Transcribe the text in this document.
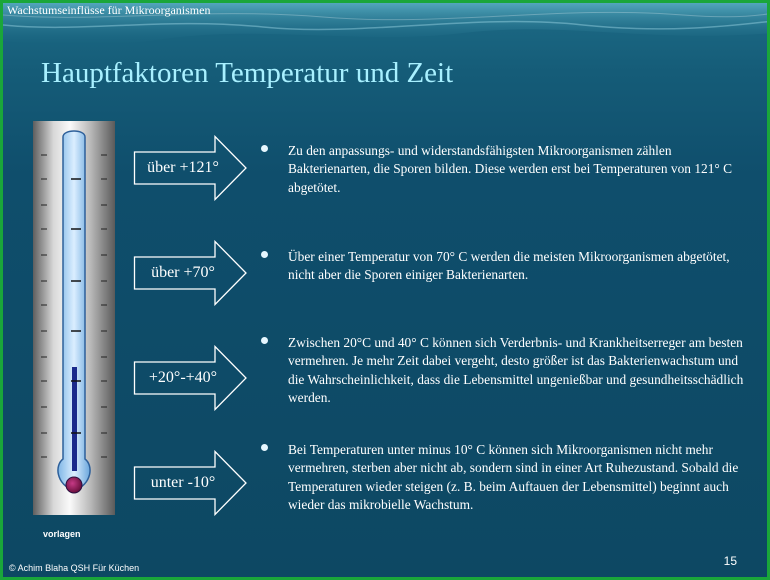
Wachstumseinflüsse für Mikroorganismen
Hauptfaktoren Temperatur und Zeit
vorlagen
über +121°
über +70°
+20°-+40°
unter -10°
Zu den anpassungs- und widerstandsfähigsten Mikroorganismen zählen Bakterienarten, die Sporen bilden. Diese werden erst bei Temperaturen von 121° C abgetötet.
Über einer Temperatur von 70° C werden die meisten Mikroorganismen abgetötet, nicht aber die Sporen einiger Bakterienarten.
Zwischen 20°C und 40° C können sich Verderbnis- und Krankheitserreger am besten vermehren. Je mehr Zeit dabei vergeht, desto größer ist das Bakterienwachstum und die Wahrscheinlichkeit, dass die Lebensmittel ungenießbar und gesundheitsschädlich werden.
Bei Temperaturen unter minus 10° C können sich Mikroorganismen nicht mehr vermehren, sterben aber nicht ab, sondern sind in einer Art Ruhezustand. Sobald die Temperaturen wieder steigen (z. B. beim Auftauen der Lebensmittel) beginnt auch wieder das mikrobielle Wachstum.
15
© Achim Blaha QSH Für Küchen
